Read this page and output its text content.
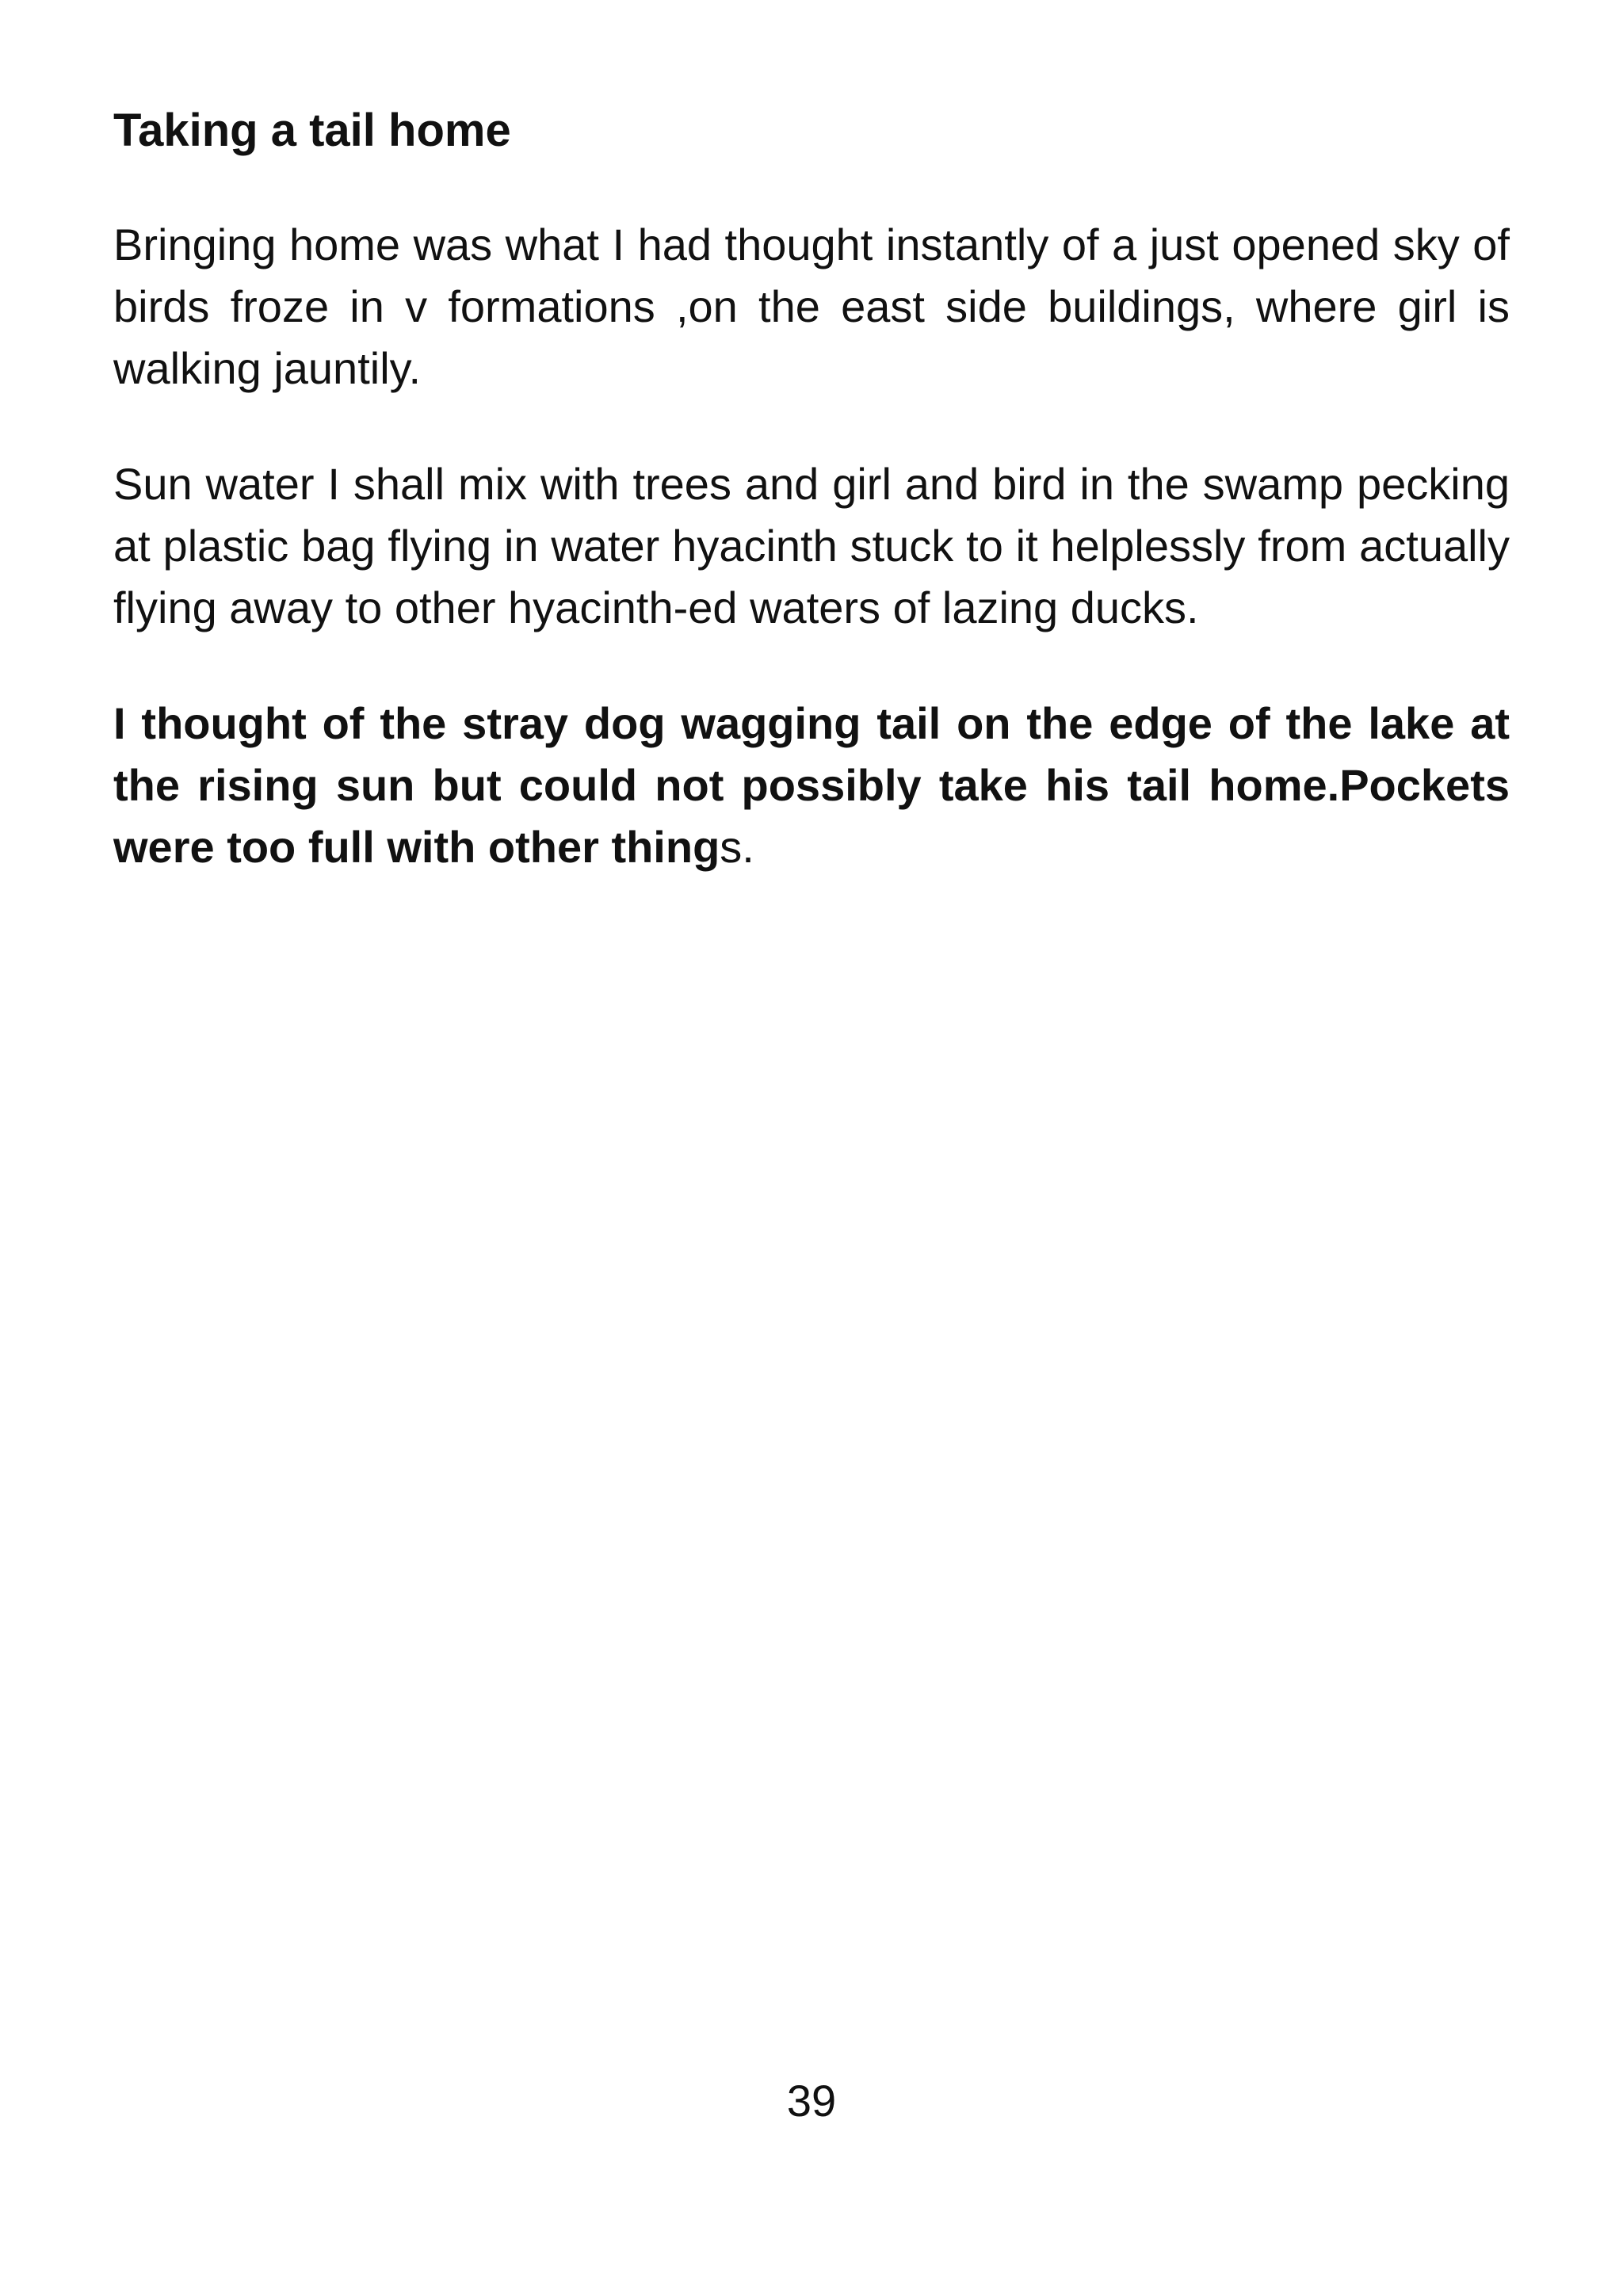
Taking a tail home

Bringing home was what I had thought instantly of a just opened sky of birds froze in v formations ,on the east side buildings, where girl is walking jauntily.

Sun water I shall mix with trees and girl and bird in the swamp pecking at plastic bag flying in water hyacinth stuck to it helplessly from actually flying away to other hyacinth-ed waters of lazing ducks.

I thought of the stray dog wagging tail on the edge of the lake at the rising sun but could not possibly take his tail home.Pockets were too full with other things.

39
